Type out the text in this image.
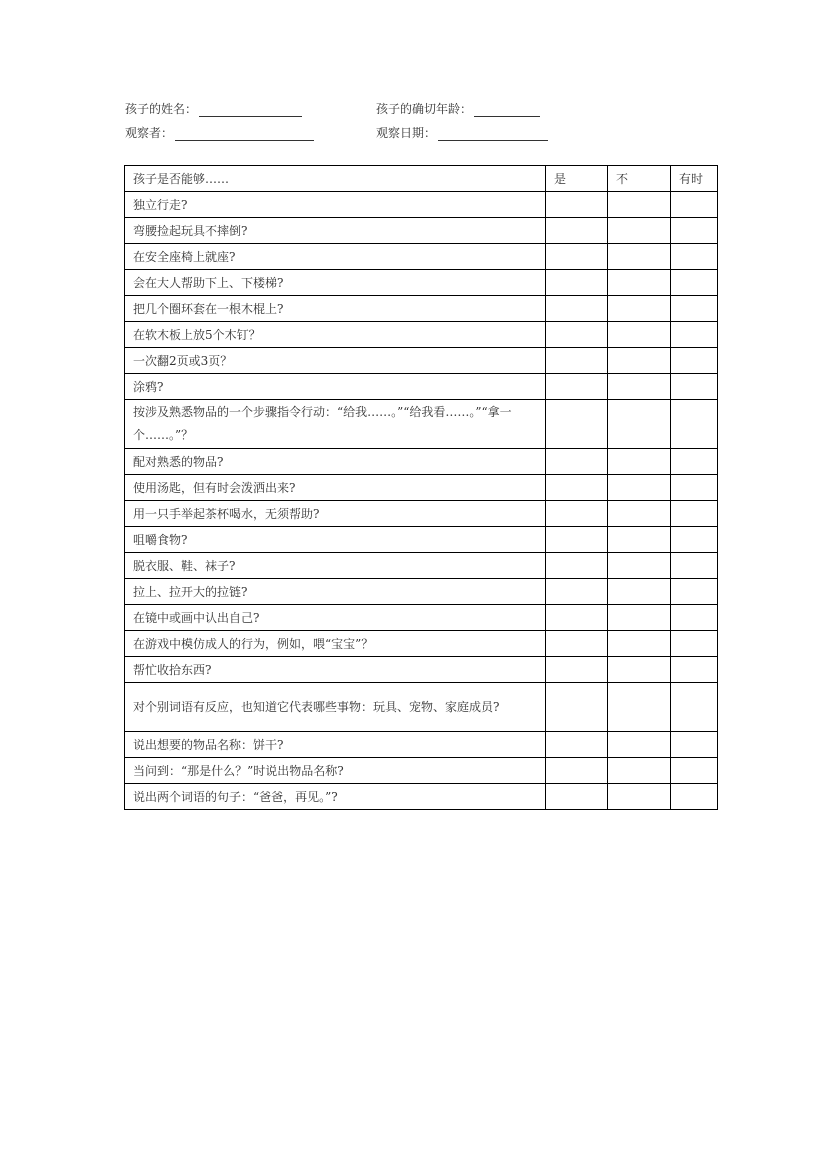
孩子的姓名：	孩子的确切年龄：
观察者：	观察日期：
孩子是否能够……	是	不	有时
独立行走?			
弯腰捡起玩具不摔倒?			
在安全座椅上就座?			
会在大人帮助下上、下楼梯?			
把几个圈环套在一根木棍上?			
在软木板上放5个木钉？			
一次翻2页或3页？			
涂鸦?			
按涉及熟悉物品的一个步骤指令行动：“给我……。”“给我看……。”“拿一个……。”？			
配对熟悉的物品?			
使用汤匙，但有时会泼洒出来?			
用一只手举起茶杯喝水，无须帮助?			
咀嚼食物?			
脱衣服、鞋、袜子?			
拉上、拉开大的拉链?			
在镜中或画中认出自己?			
在游戏中模仿成人的行为，例如，喂“宝宝”？			
帮忙收拾东西?			
对个别词语有反应，也知道它代表哪些事物：玩具、宠物、家庭成员?			
说出想要的物品名称：饼干?			
当问到：“那是什么？”时说出物品名称?			
说出两个词语的句子：“爸爸，再见。”?			
